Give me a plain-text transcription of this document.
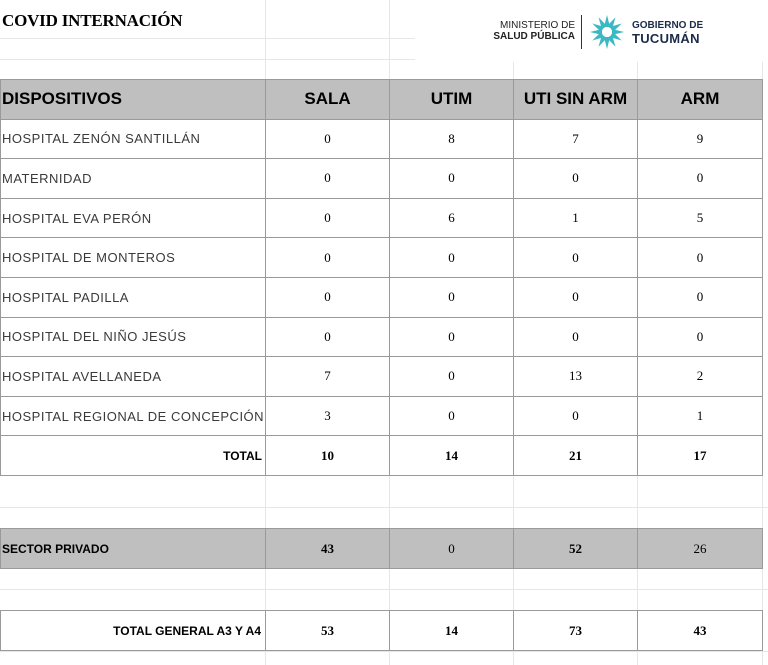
COVID INTERNACIÓN	MINISTERIO DE
SALUD PÚBLICA
GOBIERNO DE
TUCUMÁN
DISPOSITIVOS	SALA	UTIM	UTI SIN ARM	ARM
HOSPITAL ZENÓN SANTILLÁN	0	8	7	9
MATERNIDAD	0	0	0	0
HOSPITAL EVA PERÓN	0	6	1	5
HOSPITAL DE MONTEROS	0	0	0	0
HOSPITAL PADILLA	0	0	0	0
HOSPITAL DEL NIÑO JESÚS	0	0	0	0
HOSPITAL AVELLANEDA	7	0	13	2
HOSPITAL REGIONAL DE CONCEPCIÓN	3	0	0	1
TOTAL	10	14	21	17
SECTOR PRIVADO	43	0	52	26
TOTAL GENERAL A3 Y A4	53	14	73	43
